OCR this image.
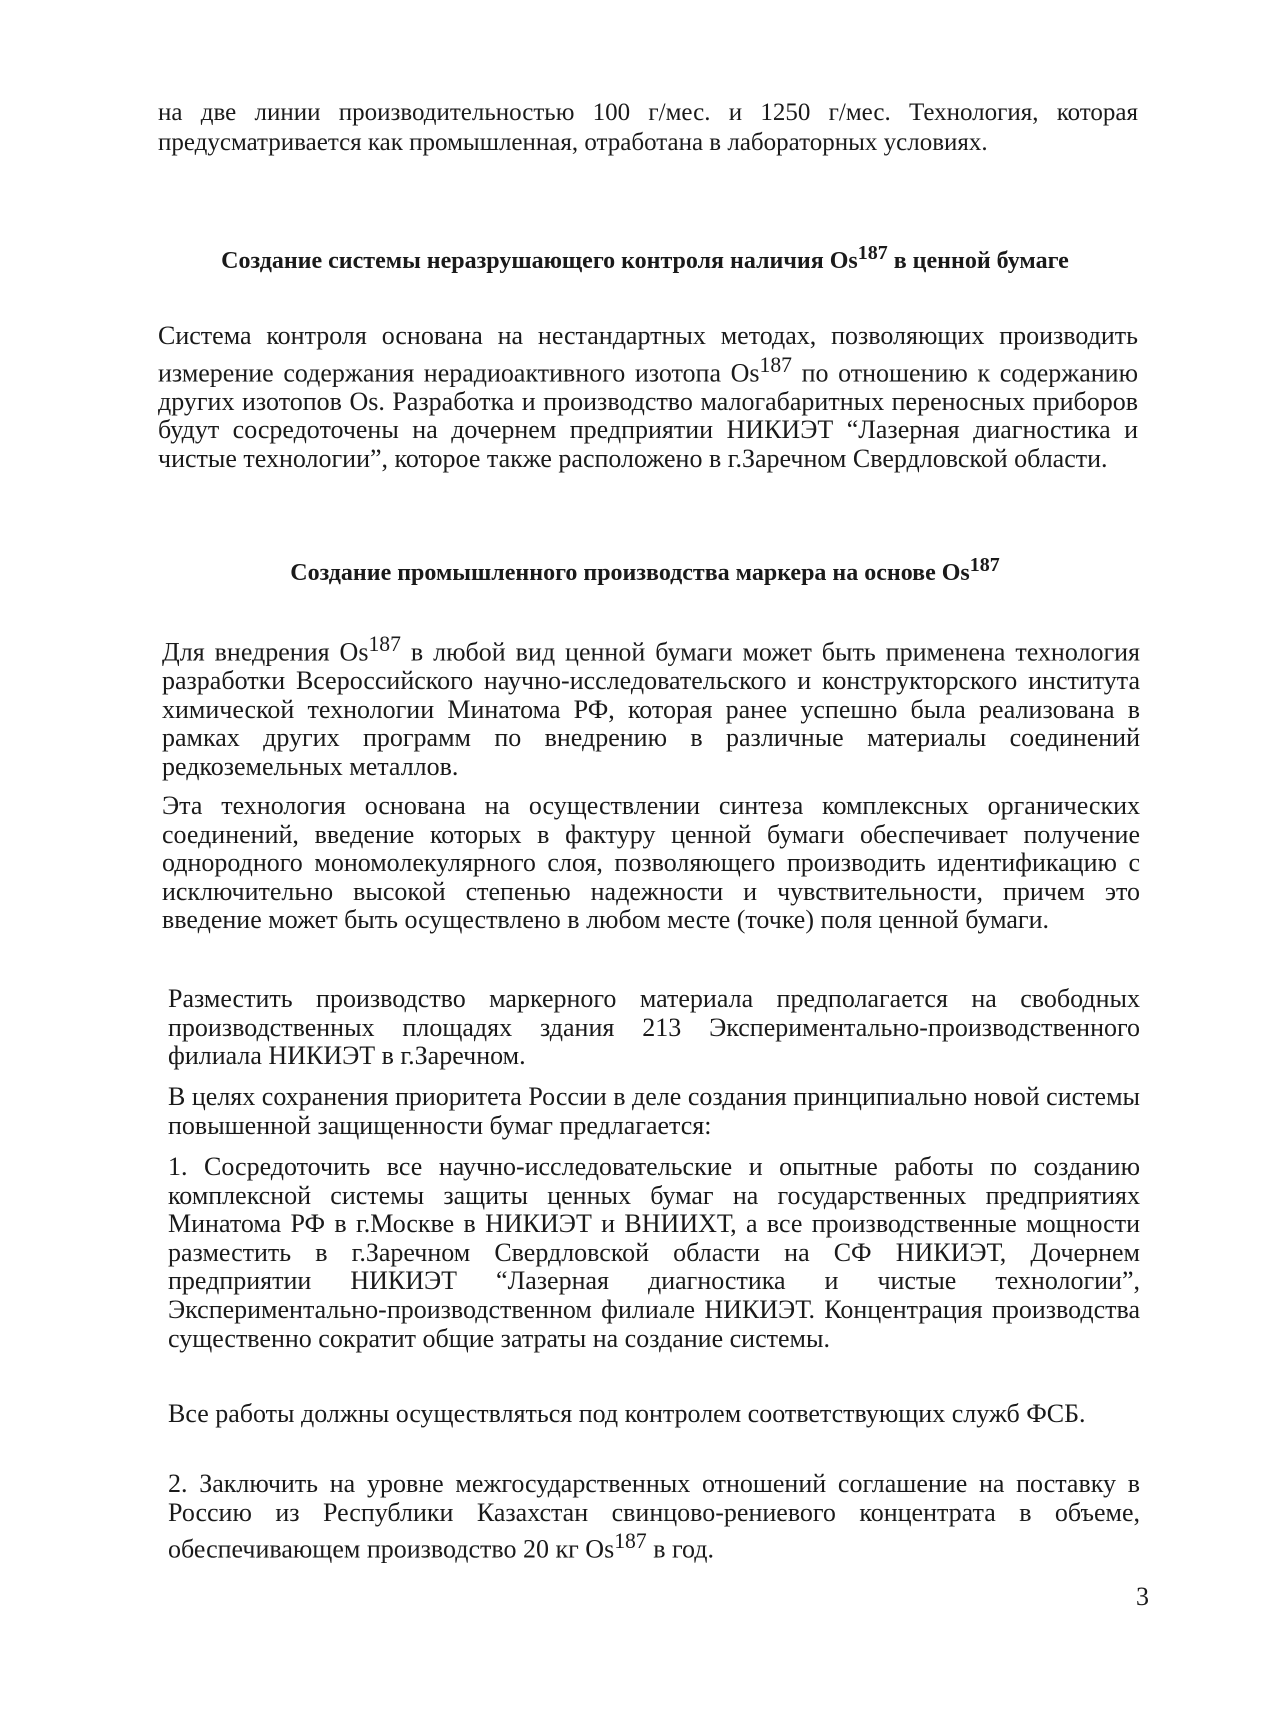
на две линии производительностью 100 г/мес. и 1250 г/мес. Технология, которая предусматривается как промышленная, отработана в лабораторных условиях.

Создание системы неразрушающего контроля наличия Os$^{187}$ в ценной бумаге

Система контроля основана на нестандартных методах, позволяющих производить измерение содержания нерадиоактивного изотопа Os$^{187}$ по отношению к содержанию других изотопов Os. Разработка и производство малогабаритных переносных приборов будут сосредоточены на дочернем предприятии НИКИЭТ “Лазерная диагностика и чистые технологии”, которое также расположено в г.Заречном Свердловской области.

Создание промышленного производства маркера на основе Os$^{187}$

Для внедрения Os$^{187}$ в любой вид ценной бумаги может быть применена технология разработки Всероссийского научно-исследовательского и конструкторского института химической технологии Минатома РФ, которая ранее успешно была реализована в рамках других программ по внедрению в различные материалы соединений редкоземельных металлов.

Эта технология основана на осуществлении синтеза комплексных органических соединений, введение которых в фактуру ценной бумаги обеспечивает получение однородного мономолекулярного слоя, позволяющего производить идентификацию с исключительно высокой степенью надежности и чувствительности, причем это введение может быть осуществлено в любом месте (точке) поля ценной бумаги.

Разместить производство маркерного материала предполагается на свободных производственных площадях здания 213 Экспериментально-производственного филиала НИКИЭТ в г.Заречном.

В целях сохранения приоритета России в деле создания принципиально новой системы повышенной защищенности бумаг предлагается:

1. Сосредоточить все научно-исследовательские и опытные работы по созданию комплексной системы защиты ценных бумаг на государственных предприятиях Минатома РФ в г.Москве в НИКИЭТ и ВНИИХТ, а все производственные мощности разместить в г.Заречном Свердловской области на СФ НИКИЭТ, Дочернем предприятии НИКИЭТ “Лазерная диагностика и чистые технологии”, Экспериментально-производственном филиале НИКИЭТ. Концентрация производства существенно сократит общие затраты на создание системы.

Все работы должны осуществляться под контролем соответствующих служб ФСБ.

2. Заключить на уровне межгосударственных отношений соглашение на поставку в Россию из Республики Казахстан свинцово-рениевого концентрата в объеме, обеспечивающем производство 20 кг Os$^{187}$ в год.

3
